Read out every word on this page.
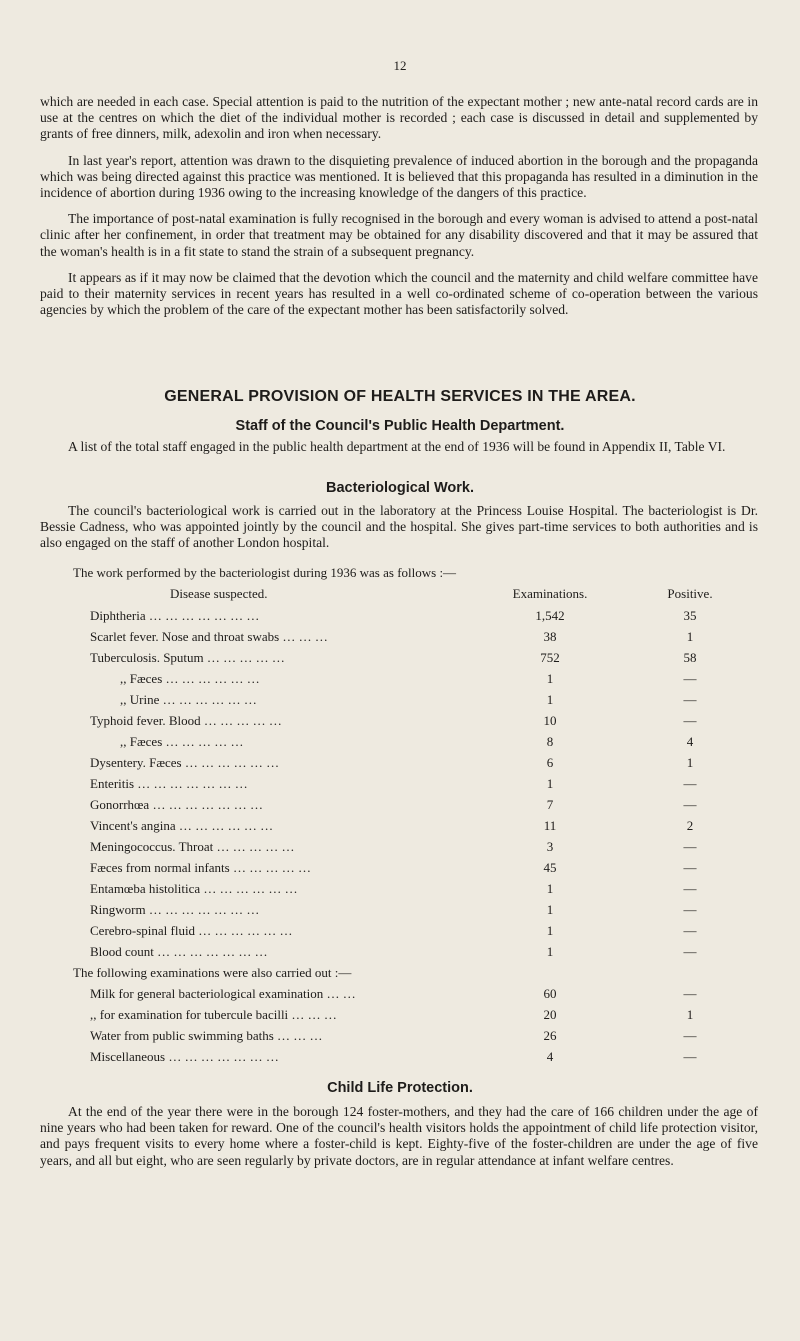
12

which are needed in each case. Special attention is paid to the nutrition of the expectant mother ; new ante-natal record cards are in use at the centres on which the diet of the individual mother is recorded ; each case is discussed in detail and supplemented by grants of free dinners, milk, adexolin and iron when necessary.

In last year's report, attention was drawn to the disquieting prevalence of induced abortion in the borough and the propaganda which was being directed against this practice was mentioned. It is believed that this propaganda has resulted in a diminution in the incidence of abortion during 1936 owing to the increasing knowledge of the dangers of this practice.

The importance of post-natal examination is fully recognised in the borough and every woman is advised to attend a post-natal clinic after her confinement, in order that treatment may be obtained for any disability discovered and that it may be assured that the woman's health is in a fit state to stand the strain of a subsequent pregnancy.

It appears as if it may now be claimed that the devotion which the council and the maternity and child welfare committee have paid to their maternity services in recent years has resulted in a well co-ordinated scheme of co-operation between the various agencies by which the problem of the care of the expectant mother has been satisfactorily solved.

GENERAL PROVISION OF HEALTH SERVICES IN THE AREA.
Staff of the Council's Public Health Department.

A list of the total staff engaged in the public health department at the end of 1936 will be found in Appendix II, Table VI.

Bacteriological Work.

The council's bacteriological work is carried out in the laboratory at the Princess Louise Hospital. The bacteriologist is Dr. Bessie Cadness, who was appointed jointly by the council and the hospital. She gives part-time services to both authorities and is also engaged on the staff of another London hospital.

The work performed by the bacteriologist during 1936 was as follows :—
Disease suspected.	Examinations.	Positive.
Diphtheria … … … … … … …	1,542	35
Scarlet fever. Nose and throat swabs … … …	38	1
Tuberculosis. Sputum … … … … …	752	58
,, Fæces … … … … … …	1	—
,, Urine … … … … … …	1	—
Typhoid fever. Blood … … … … …	10	—
,, Fæces … … … … …	8	4
Dysentery. Fæces … … … … … …	6	1
Enteritis … … … … … … …	1	—
Gonorrhœa … … … … … … …	7	—
Vincent's angina … … … … … …	11	2
Meningococcus. Throat … … … … …	3	—
Fæces from normal infants … … … … …	45	—
Entamœba histolitica … … … … … …	1	—
Ringworm … … … … … … …	1	—
Cerebro-spinal fluid … … … … … …	1	—
Blood count … … … … … … …	1	—
The following examinations were also carried out :—
Milk for general bacteriological examination … …	60	—
,, for examination for tubercule bacilli … … …	20	1
Water from public swimming baths … … …	26	—
Miscellaneous … … … … … … …	4	—
Child Life Protection.

At the end of the year there were in the borough 124 foster-mothers, and they had the care of 166 children under the age of nine years who had been taken for reward. One of the council's health visitors holds the appointment of child life protection visitor, and pays frequent visits to every home where a foster-child is kept. Eighty-five of the foster-children are under the age of five years, and all but eight, who are seen regularly by private doctors, are in regular attendance at infant welfare centres.
